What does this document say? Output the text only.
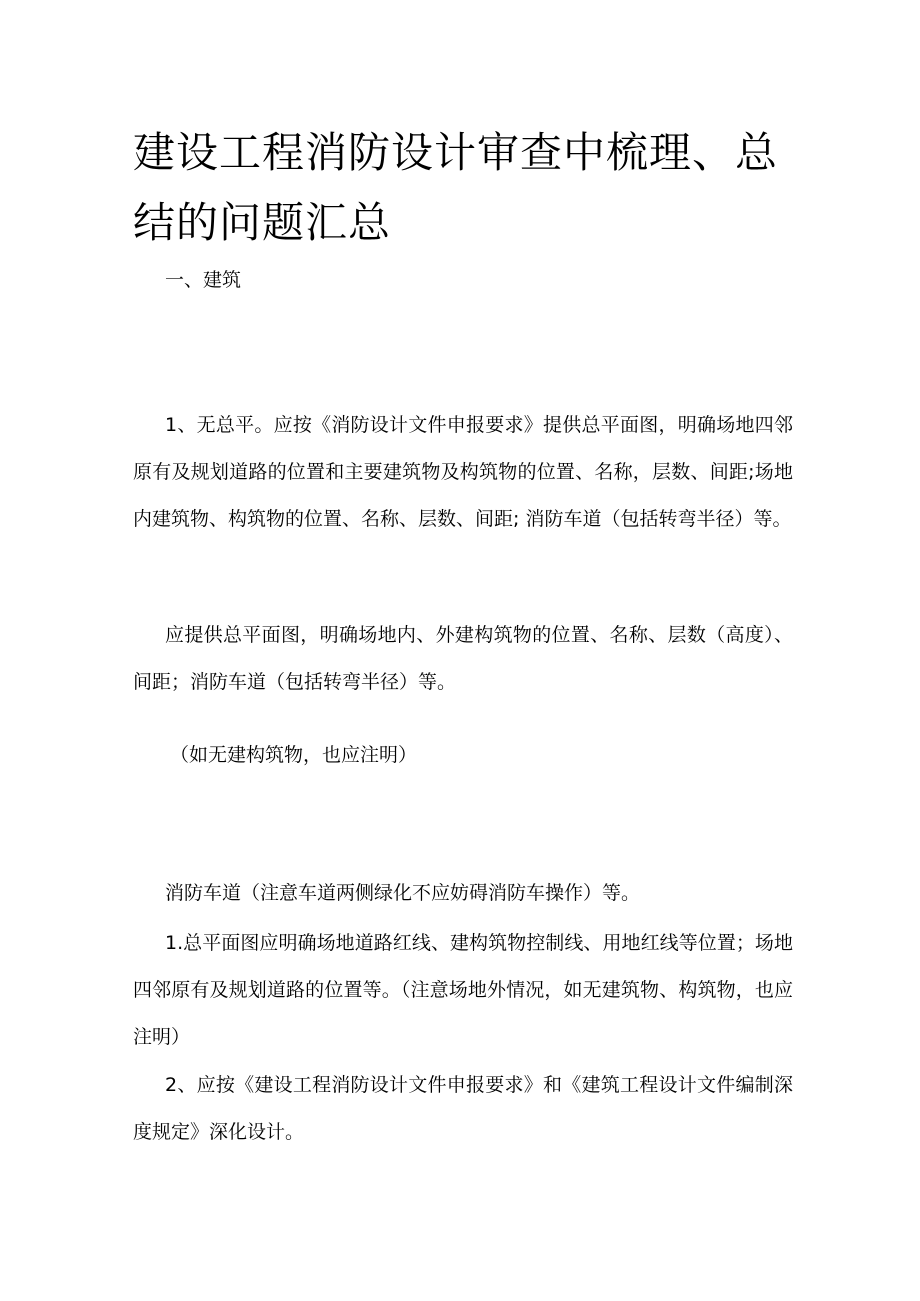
建设工程消防设计审查中梳理、总结的问题汇总
一、建筑

1、无总平。应按《消防设计文件申报要求》提供总平面图，明确场地四邻原有及规划道路的位置和主要建筑物及构筑物的位置、名称，层数、间距;场地内建筑物、构筑物的位置、名称、层数、间距; 消防车道（包括转弯半径）等。

应提供总平面图，明确场地内、外建构筑物的位置、名称、层数（高度）、间距；消防车道（包括转弯半径）等。

（如无建构筑物，也应注明）

消防车道（注意车道两侧绿化不应妨碍消防车操作）等。

1.总平面图应明确场地道路红线、建构筑物控制线、用地红线等位置；场地四邻原有及规划道路的位置等。（注意场地外情况，如无建筑物、构筑物，也应注明）

2、应按《建设工程消防设计文件申报要求》和《建筑工程设计文件编制深度规定》深化设计。
